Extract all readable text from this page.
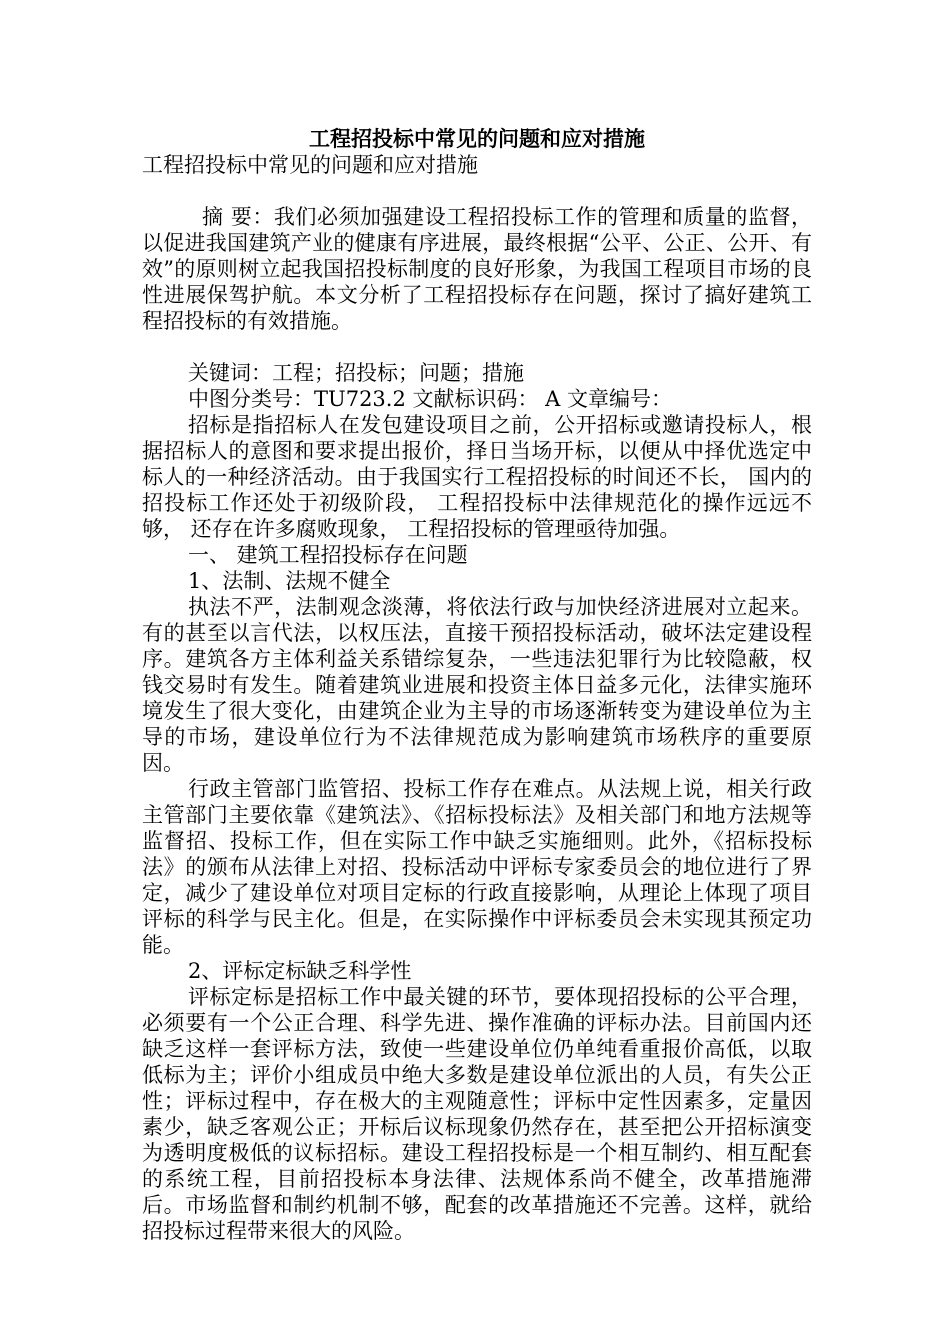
工程招投标中常见的问题和应对措施

工程招投标中常见的问题和应对措施

摘 要：我们必须加强建设工程招投标工作的管理和质量的监督，以促进我国建筑产业的健康有序进展，最终根据“公平、公正、公开、有效”的原则树立起我国招投标制度的良好形象，为我国工程项目市场的良性进展保驾护航。本文分析了工程招投标存在问题，探讨了搞好建筑工程招投标的有效措施。

关键词：工程；招投标；问题；措施

中图分类号：TU723.2 文献标识码： A 文章编号：

招标是指招标人在发包建设项目之前，公开招标或邀请投标人，根据招标人的意图和要求提出报价，择日当场开标，以便从中择优选定中标人的一种经济活动。由于我国实行工程招投标的时间还不长， 国内的招投标工作还处于初级阶段， 工程招投标中法律规范化的操作远远不够， 还存在许多腐败现象， 工程招投标的管理亟待加强。

一、 建筑工程招投标存在问题

1、法制、法规不健全

执法不严，法制观念淡薄，将依法行政与加快经济进展对立起来。有的甚至以言代法，以权压法，直接干预招投标活动，破坏法定建设程序。建筑各方主体利益关系错综复杂，一些违法犯罪行为比较隐蔽，权钱交易时有发生。随着建筑业进展和投资主体日益多元化，法律实施环境发生了很大变化，由建筑企业为主导的市场逐渐转变为建设单位为主导的市场，建设单位行为不法律规范成为影响建筑市场秩序的重要原因。

行政主管部门监管招、投标工作存在难点。从法规上说，相关行政主管部门主要依靠《建筑法》、《招标投标法》及相关部门和地方法规等监督招、投标工作，但在实际工作中缺乏实施细则。此外，《招标投标法》的颁布从法律上对招、投标活动中评标专家委员会的地位进行了界定，减少了建设单位对项目定标的行政直接影响，从理论上体现了项目评标的科学与民主化。但是，在实际操作中评标委员会未实现其预定功能。

2、评标定标缺乏科学性

评标定标是招标工作中最关键的环节，要体现招投标的公平合理，必须要有一个公正合理、科学先进、操作准确的评标办法。目前国内还缺乏这样一套评标方法，致使一些建设单位仍单纯看重报价高低，以取低标为主；评价小组成员中绝大多数是建设单位派出的人员，有失公正性；评标过程中，存在极大的主观随意性；评标中定性因素多，定量因素少，缺乏客观公正；开标后议标现象仍然存在，甚至把公开招标演变为透明度极低的议标招标。建设工程招投标是一个相互制约、相互配套的系统工程，目前招投标本身法律、法规体系尚不健全，改革措施滞后。市场监督和制约机制不够，配套的改革措施还不完善。这样，就给招投标过程带来很大的风险。
